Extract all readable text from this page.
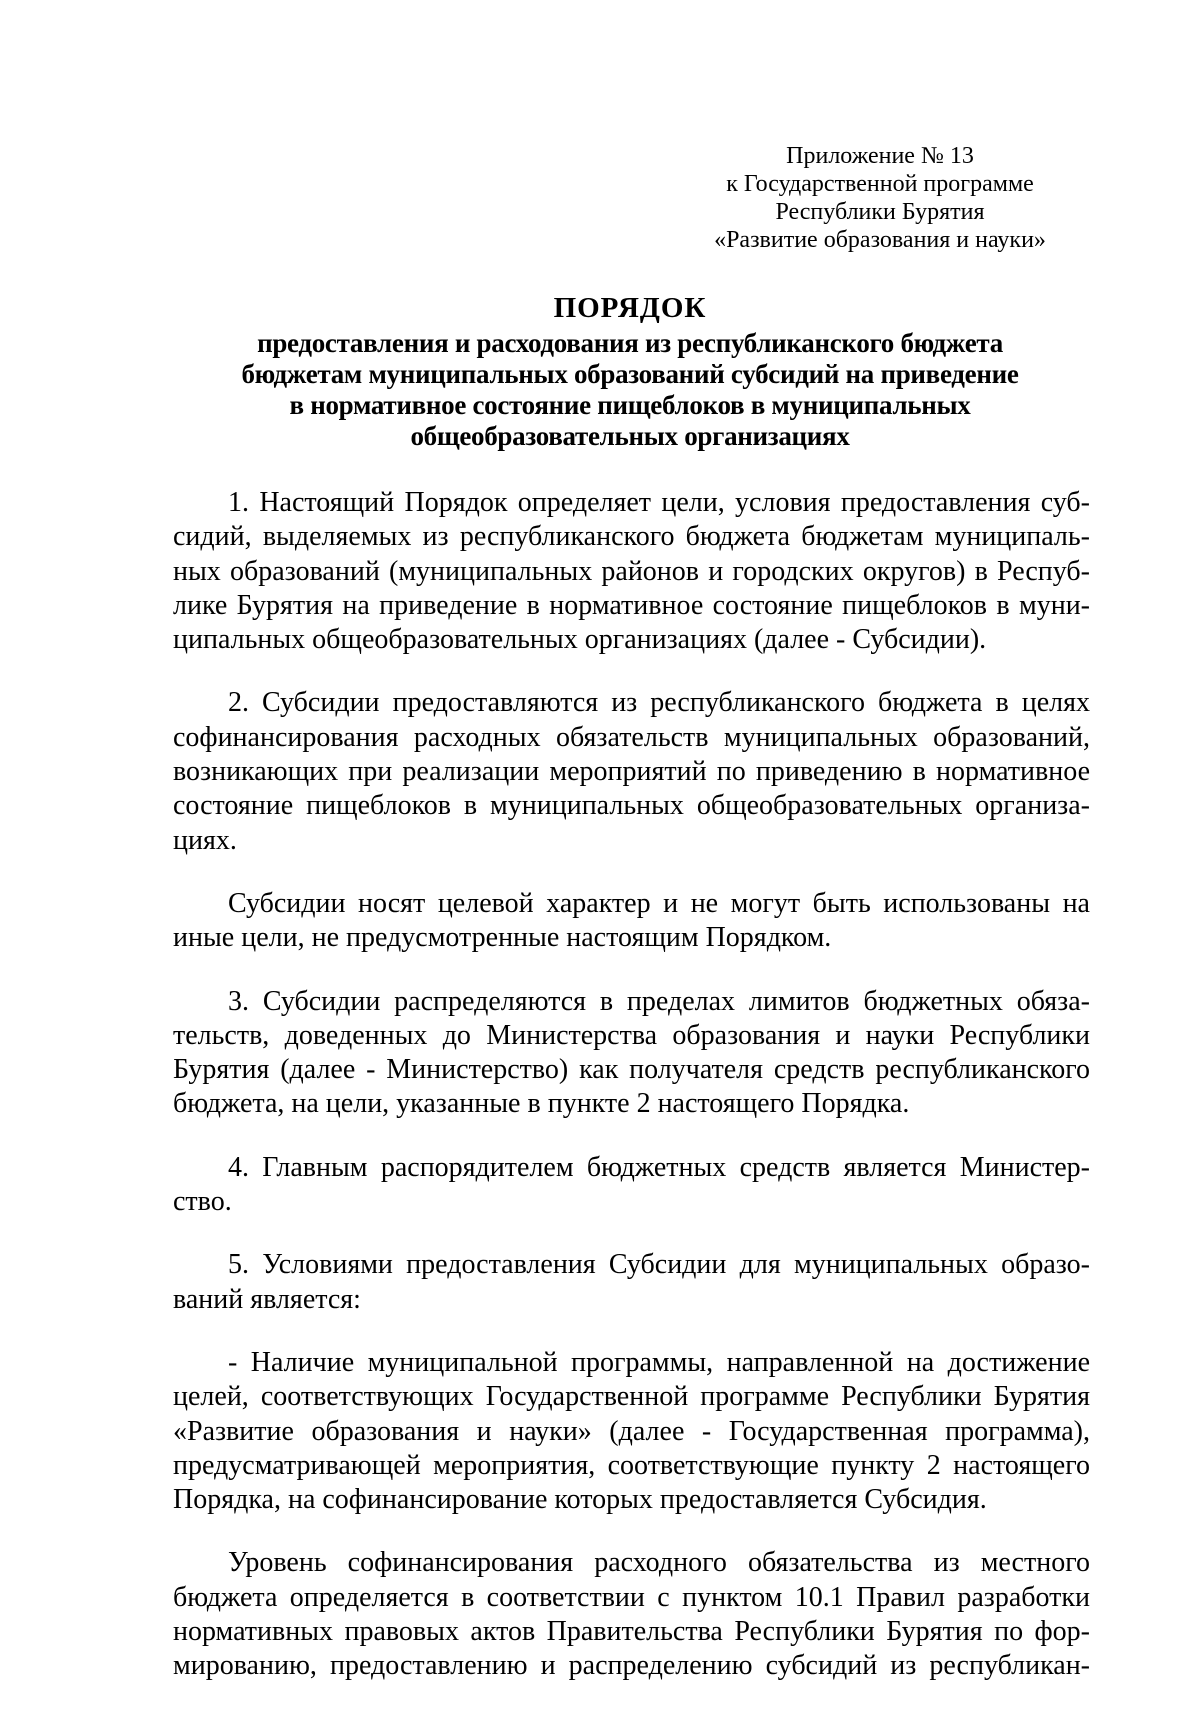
Приложение № 13
к Государственной программе
Республики Бурятия
«Развитие образования и науки»
ПОРЯДОК
предоставления и расходования из республиканского бюджета
бюджетам муниципальных образований субсидий на приведение
в нормативное состояние пищеблоков в муниципальных
общеобразовательных организациях
1. Настоящий Порядок определяет цели, условия предоставления суб-
сидий, выделяемых из республиканского бюджета бюджетам муниципаль-
ных образований (муниципальных районов и городских округов) в Респуб-
лике Бурятия на приведение в нормативное состояние пищеблоков в муни-
ципальных общеобразовательных организациях (далее - Субсидии).
2. Субсидии предоставляются из республиканского бюджета в целях
софинансирования расходных обязательств муниципальных образований,
возникающих при реализации мероприятий по приведению в нормативное
состояние пищеблоков в муниципальных общеобразовательных организа-
циях.
Субсидии носят целевой характер и не могут быть использованы на
иные цели, не предусмотренные настоящим Порядком.
3. Субсидии распределяются в пределах лимитов бюджетных обяза-
тельств, доведенных до Министерства образования и науки Республики
Бурятия (далее - Министерство) как получателя средств республиканского
бюджета, на цели, указанные в пункте 2 настоящего Порядка.
4. Главным распорядителем бюджетных средств является Министер-
ство.
5. Условиями предоставления Субсидии для муниципальных образо-
ваний является:
- Наличие муниципальной программы, направленной на достижение
целей, соответствующих Государственной программе Республики Бурятия
«Развитие образования и науки» (далее - Государственная программа),
предусматривающей мероприятия, соответствующие пункту 2 настоящего
Порядка, на софинансирование которых предоставляется Субсидия.
Уровень софинансирования расходного обязательства из местного
бюджета определяется в соответствии с пунктом 10.1 Правил разработки
нормативных правовых актов Правительства Республики Бурятия по фор-
мированию, предоставлению и распределению субсидий из республикан-
